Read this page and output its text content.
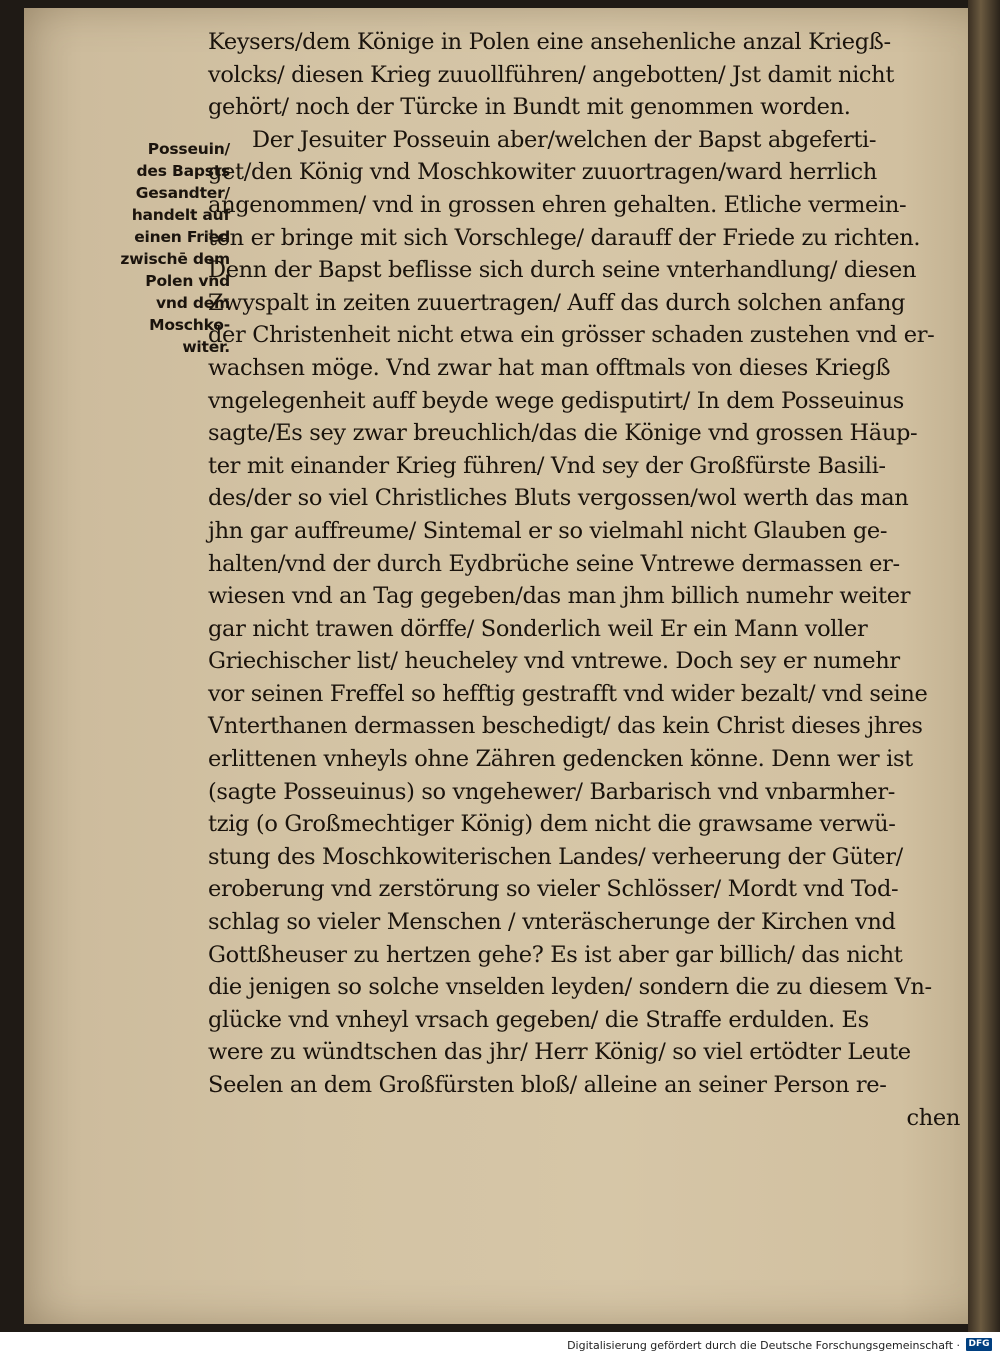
Posseuin/
des Bapsts
Gesandter/
handelt auf
einen Fried
zwischē dem
Polen vnd
vnd dem
Moschko-
witer.
Keysers/dem Könige in Polen eine ansehenliche anzal Kriegß-
volcks/ diesen Krieg zuuollführen/ angebotten/ Jst damit nicht
gehört/ noch der Türcke in Bundt mit genommen worden.
Der Jesuiter Posseuin aber/welchen der Bapst abgeferti-
get/den König vnd Moschkowiter zuuortragen/ward herrlich
angenommen/ vnd in grossen ehren gehalten. Etliche vermein-
ten er bringe mit sich Vorschlege/ darauff der Friede zu richten.
Denn der Bapst beflisse sich durch seine vnterhandlung/ diesen
Zwyspalt in zeiten zuuertragen/ Auff das durch solchen anfang
der Christenheit nicht etwa ein grösser schaden zustehen vnd er-
wachsen möge. Vnd zwar hat man offtmals von dieses Kriegß
vngelegenheit auff beyde wege gedisputirt/ In dem Posseuinus
sagte/Es sey zwar breuchlich/das die Könige vnd grossen Häup-
ter mit einander Krieg führen/ Vnd sey der Großfürste Basili-
des/der so viel Christliches Bluts vergossen/wol werth das man
jhn gar auffreume/ Sintemal er so vielmahl nicht Glauben ge-
halten/vnd der durch Eydbrüche seine Vntrewe dermassen er-
wiesen vnd an Tag gegeben/das man jhm billich numehr weiter
gar nicht trawen dörffe/ Sonderlich weil Er ein Mann voller
Griechischer list/ heucheley vnd vntrewe. Doch sey er numehr
vor seinen Freffel so hefftig gestrafft vnd wider bezalt/ vnd seine
Vnterthanen dermassen beschedigt/ das kein Christ dieses jhres
erlittenen vnheyls ohne Zähren gedencken könne. Denn wer ist
(sagte Posseuinus) so vngehewer/ Barbarisch vnd vnbarmher-
tzig (o Großmechtiger König) dem nicht die grawsame verwü-
stung des Moschkowiterischen Landes/ verheerung der Güter/
eroberung vnd zerstörung so vieler Schlösser/ Mordt vnd Tod-
schlag so vieler Menschen / vnteräscherunge der Kirchen vnd
Gottßheuser zu hertzen gehe? Es ist aber gar billich/ das nicht
die jenigen so solche vnselden leyden/ sondern die zu diesem Vn-
glücke vnd vnheyl vrsach gegeben/ die Straffe erdulden. Es
were zu wündtschen das jhr/ Herr König/ so viel ertödter Leute
Seelen an dem Großfürsten bloß/ alleine an seiner Person re-
chen
Digitalisierung gefördert durch die Deutsche Forschungsgemeinschaft · DFG
